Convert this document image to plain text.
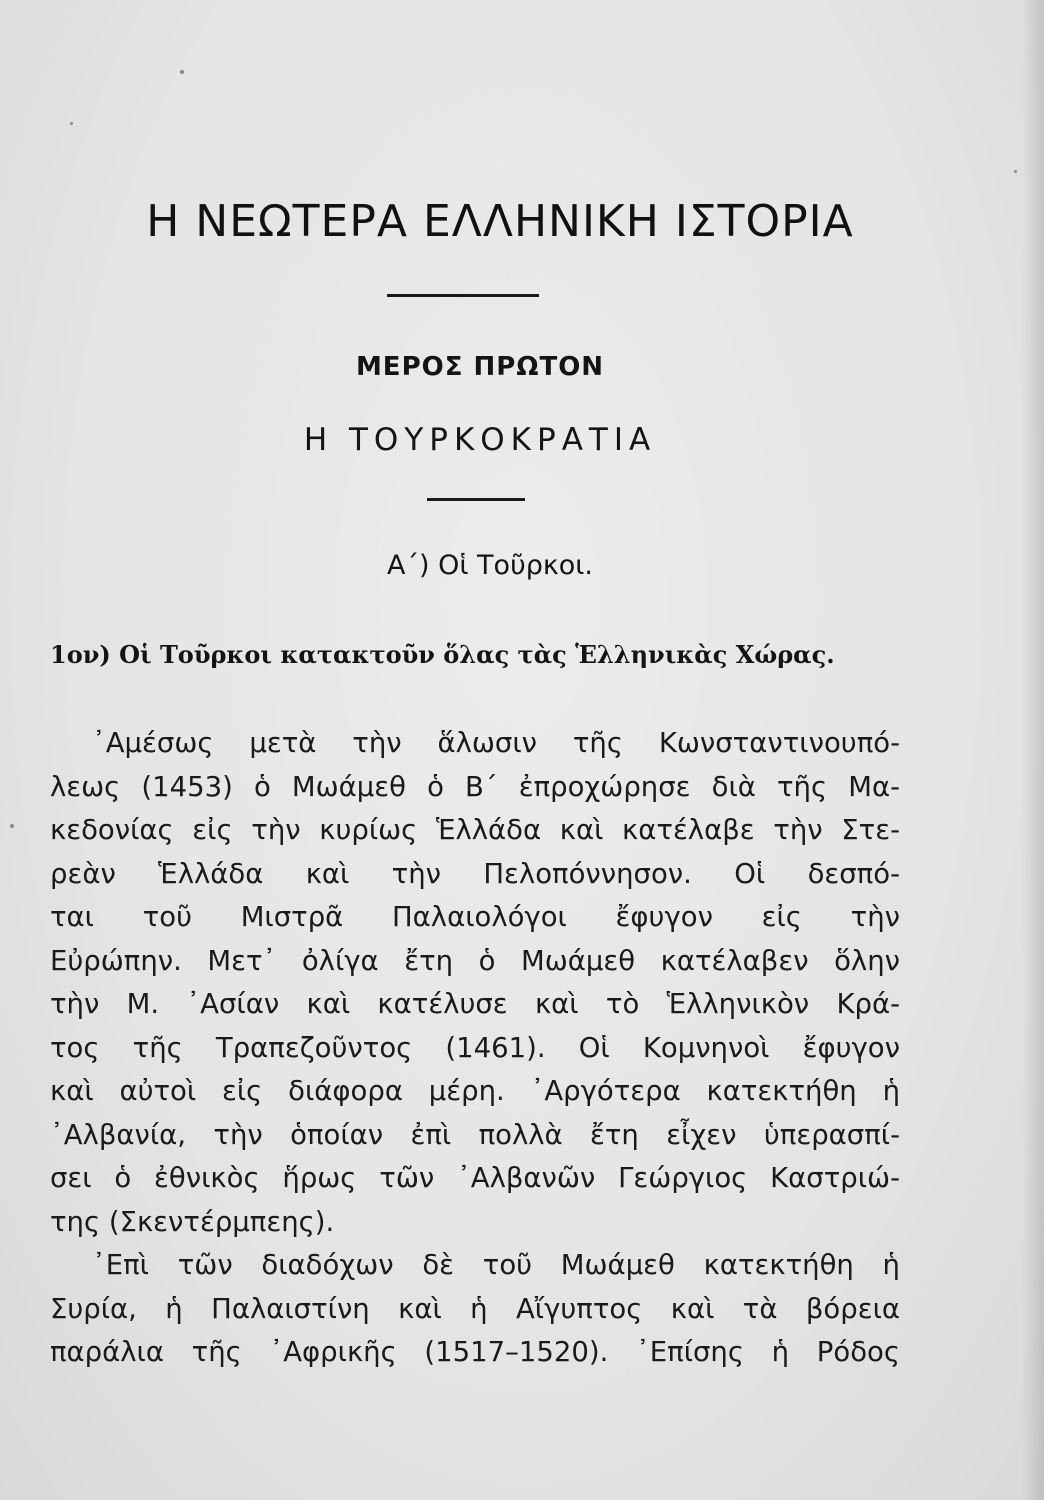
Η ΝΕΩΤΕΡΑ ΕΛΛΗΝΙΚΗ ΙΣΤΟΡΙΑ
ΜΕΡΟΣ ΠΡΩΤΟΝ
Η ΤΟΥΡΚΟΚΡΑΤΙΑ
Α΄) Οἱ Τοῦρκοι.
1ον) Οἱ Τοῦρκοι κατακτοῦν ὅλας τὰς Ἑλληνικὰς Χώρας.
᾿Αμέσως μετὰ τὴν ἅλωσιν τῆς Κωνσταντινουπό-
λεως (1453) ὁ Μωάμεθ ὁ Β΄ ἐπροχώρησε διὰ τῆς Μα-
κεδονίας εἰς τὴν κυρίως Ἑλλάδα καὶ κατέλαβε τὴν Στε-
ρεὰν Ἑλλάδα καὶ τὴν Πελοπόννησον. Οἱ δεσπό-
ται τοῦ Μιστρᾶ Παλαιολόγοι ἔφυγον εἰς τὴν
Εὐρώπην. Μετ᾿ ὀλίγα ἔτη ὁ Μωάμεθ κατέλαβεν ὅλην
τὴν Μ. ᾿Ασίαν καὶ κατέλυσε καὶ τὸ Ἑλληνικὸν Κρά-
τος τῆς Τραπεζοῦντος (1461). Οἱ Κομνηνοὶ ἔφυγον
καὶ αὐτοὶ εἰς διάφορα μέρη. ᾿Αργότερα κατεκτήθη ἡ
᾿Αλβανία, τὴν ὁποίαν ἐπὶ πολλὰ ἔτη εἶχεν ὑπερασπί-
σει ὁ ἐθνικὸς ἥρως τῶν ᾿Αλβανῶν Γεώργιος Καστριώ-
της (Σκεντέρμπεης).
᾿Επὶ τῶν διαδόχων δὲ τοῦ Μωάμεθ κατεκτήθη ἡ
Συρία, ἡ Παλαιστίνη καὶ ἡ Αἴγυπτος καὶ τὰ βόρεια
παράλια τῆς ᾿Αφρικῆς (1517–1520). ᾿Επίσης ἡ Ρόδος
